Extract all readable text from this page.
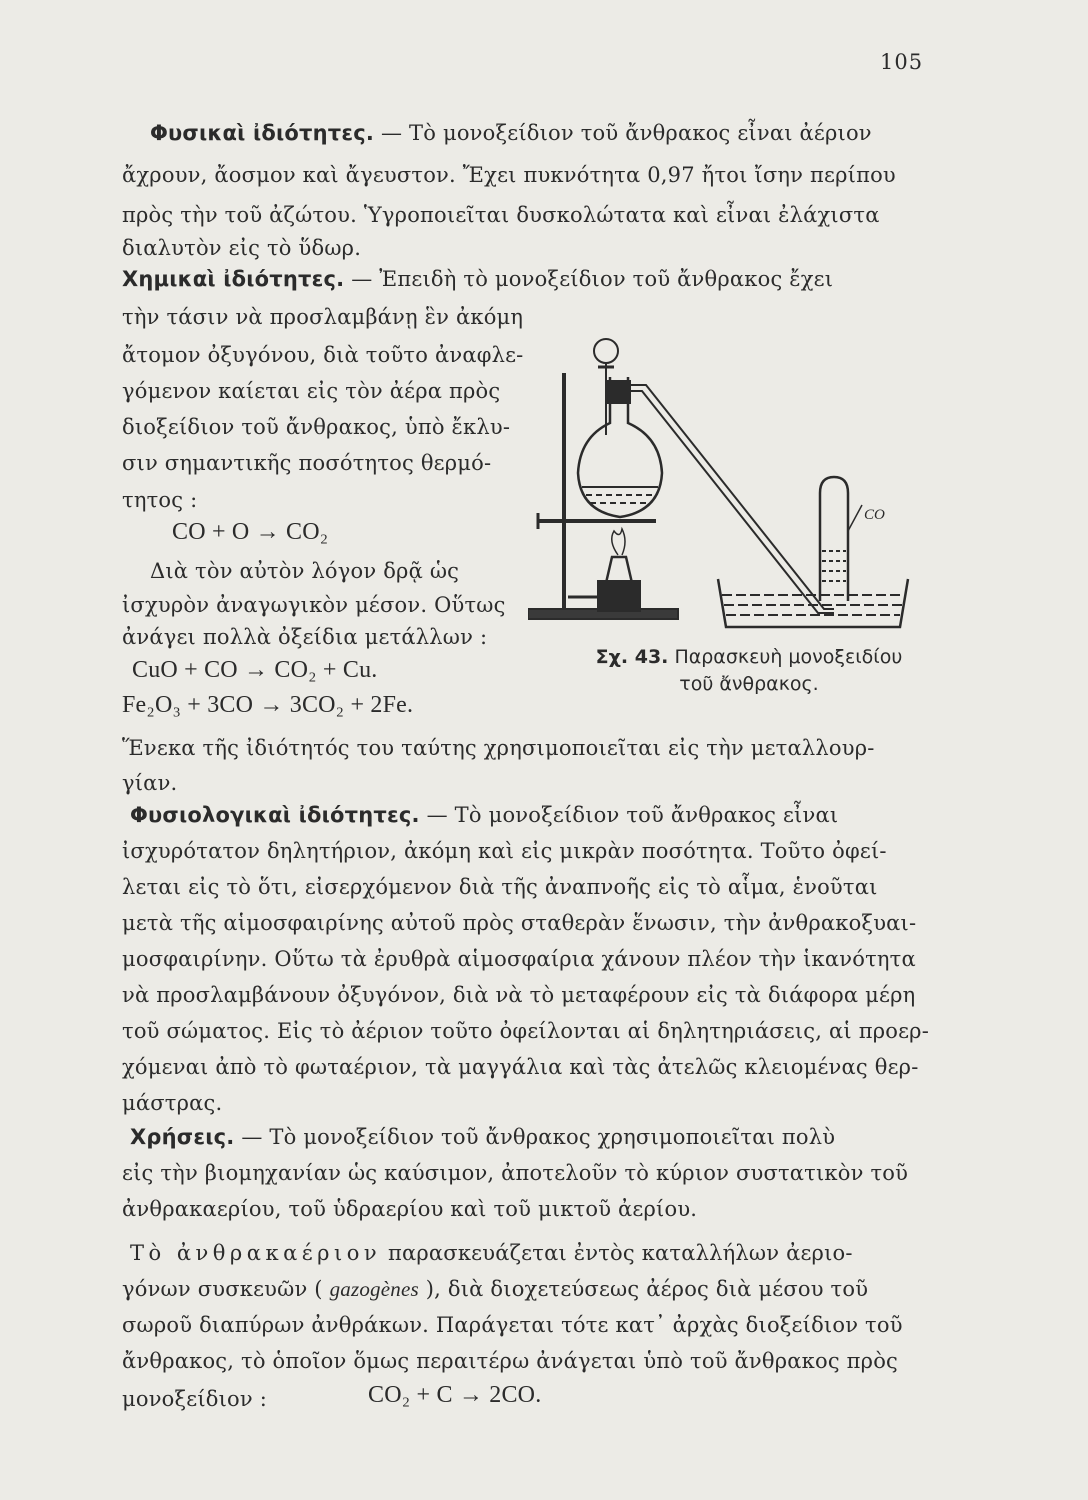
105
Φυσικαὶ ἰδιότητες. — Τὸ μονοξείδιον τοῦ ἄνθρακος εἶναι ἀέριον
ἄχρουν, ἄοσμον καὶ ἄγευστον. Ἔχει πυκνότητα 0,97 ἤτοι ἴσην περίπου
πρὸς τὴν τοῦ ἀζώτου. Ὑγροποιεῖται δυσκολώτατα καὶ εἶναι ἐλάχιστα
διαλυτὸν εἰς τὸ ὕδωρ.
Χημικαὶ ἰδιότητες. — Ἐπειδὴ τὸ μονοξείδιον τοῦ ἄνθρακος ἔχει
τὴν τάσιν νὰ προσλαμβάνῃ ἓν ἀκόμη
ἄτομον ὀξυγόνου, διὰ τοῦτο ἀναφλε-
γόμενον καίεται εἰς τὸν ἀέρα πρὸς
διοξείδιον τοῦ ἄνθρακος, ὑπὸ ἔκλυ-
σιν σημαντικῆς ποσότητος θερμό-
τητος :
CO + O → CO₂
Διὰ τὸν αὐτὸν λόγον δρᾷ ὡς
ἰσχυρὸν ἀναγωγικὸν μέσον. Οὕτως
ἀνάγει πολλὰ ὀξείδια μετάλλων :
CuO + CO → CO₂ + Cu.
Fe₂O₃ + 3CO → 3CO₂ + 2Fe.
Ἕνεκα τῆς ἰδιότητός του ταύτης χρησιμοποιεῖται εἰς τὴν μεταλλουρ-
γίαν.
Φυσιολογικαὶ ἰδιότητες. — Τὸ μονοξείδιον τοῦ ἄνθρακος εἶναι
ἰσχυρότατον δηλητήριον, ἀκόμη καὶ εἰς μικρὰν ποσότητα. Τοῦτο ὀφεί-
λεται εἰς τὸ ὅτι, εἰσερχόμενον διὰ τῆς ἀναπνοῆς εἰς τὸ αἷμα, ἑνοῦται
μετὰ τῆς αἱμοσφαιρίνης αὐτοῦ πρὸς σταθερὰν ἕνωσιν, τὴν ἀνθρακοξυαι-
μοσφαιρίνην. Οὕτω τὰ ἐρυθρὰ αἱμοσφαίρια χάνουν πλέον τὴν ἱκανότητα
νὰ προσλαμβάνουν ὀξυγόνον, διὰ νὰ τὸ μεταφέρουν εἰς τὰ διάφορα μέρη
τοῦ σώματος. Εἰς τὸ ἀέριον τοῦτο ὀφείλονται αἱ δηλητηριάσεις, αἱ προερ-
χόμεναι ἀπὸ τὸ φωταέριον, τὰ μαγγάλια καὶ τὰς ἀτελῶς κλειομένας θερ-
μάστρας.
Χρήσεις. — Τὸ μονοξείδιον τοῦ ἄνθρακος χρησιμοποιεῖται πολὺ
εἰς τὴν βιομηχανίαν ὡς καύσιμον, ἀποτελοῦν τὸ κύριον συστατικὸν τοῦ
ἀνθρακαερίου, τοῦ ὑδραερίου καὶ τοῦ μικτοῦ ἀερίου.
Τὸ ἀνθρακαέριον παρασκευάζεται ἐντὸς καταλλήλων ἀεριο-
γόνων συσκευῶν ( gazogènes ), διὰ διοχετεύσεως ἀέρος διὰ μέσου τοῦ
σωροῦ διαπύρων ἀνθράκων. Παράγεται τότε κατ᾿ ἀρχὰς διοξείδιον τοῦ
ἄνθρακος, τὸ ὁποῖον ὅμως περαιτέρω ἀνάγεται ὑπὸ τοῦ ἄνθρακος πρὸς
μονοξείδιον :	CO₂ + C → 2CO.
CO
Σχ. 43. Παρασκευὴ μονοξειδίου
τοῦ ἄνθρακος.
